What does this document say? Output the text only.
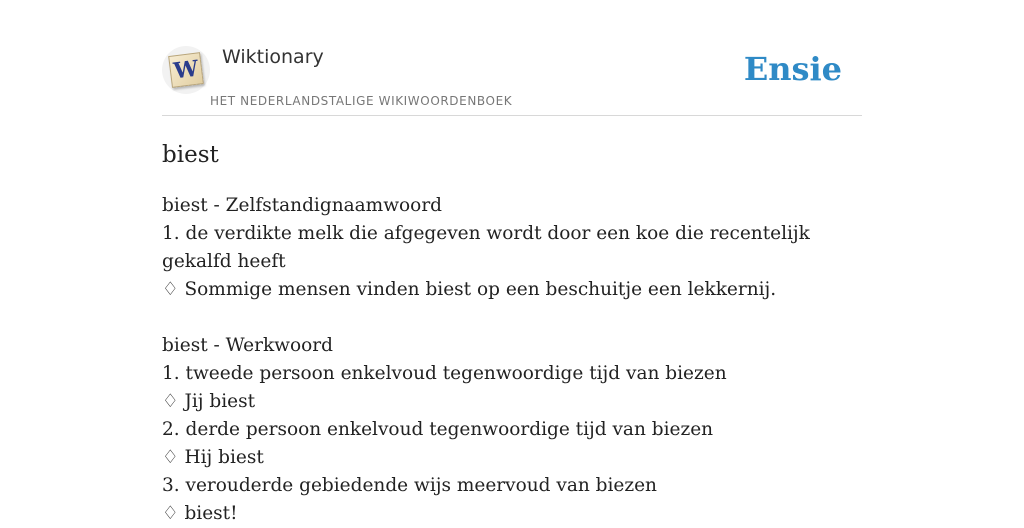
W Wiktionary
HET NEDERLANDSTALIGE WIKIWOORDENBOEK
Ensie
biest

biest - Zelfstandignaamwoord

1. de verdikte melk die afgegeven wordt door een koe die recentelijk gekalfd heeft

♢ Sommige mensen vinden biest op een beschuitje een lekkernij.

biest - Werkwoord

1. tweede persoon enkelvoud tegenwoordige tijd van biezen

♢ Jij biest

2. derde persoon enkelvoud tegenwoordige tijd van biezen

♢ Hij biest

3. verouderde gebiedende wijs meervoud van biezen

♢ biest!
